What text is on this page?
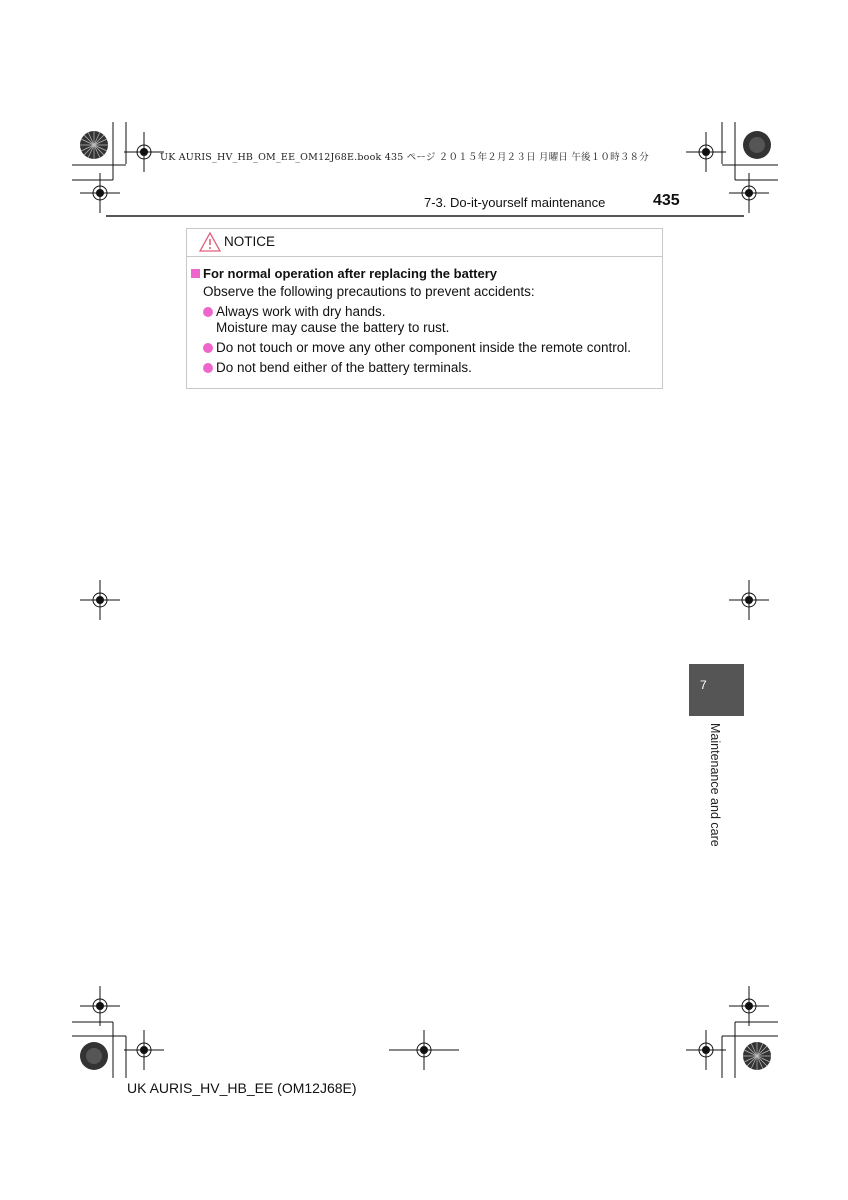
UK AURIS_HV_HB_OM_EE_OM12J68E.book 435 ページ ２０１５年２月２３日 月曜日 午後１０時３８分
7-3. Do-it-yourself maintenance	435
NOTICE
For normal operation after replacing the battery
Observe the following precautions to prevent accidents:
Always work with dry hands.
Moisture may cause the battery to rust.
Do not touch or move any other component inside the remote control.
Do not bend either of the battery terminals.
7
Maintenance and care
UK AURIS_HV_HB_EE (OM12J68E)
